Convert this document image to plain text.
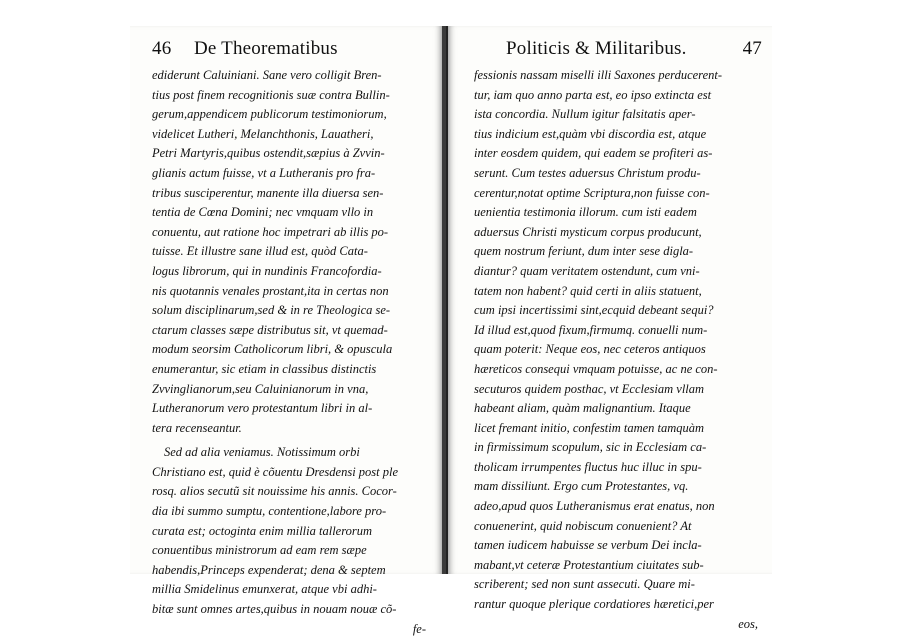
46 De Theorematibus
ediderunt Caluiniani. Sane vero colligit Bren-
tius post finem recognitionis suæ contra Bullin-
gerum,appendicem publicorum testimoniorum,
videlicet Lutheri, Melanchthonis, Lauatheri,
Petri Martyris,quibus ostendit,sæpius à Zvvin-
glianis actum fuisse, vt a Lutheranis pro fra-
tribus susciperentur, manente illa diuersa sen-
tentia de Cœna Domini; nec vmquam vllo in
conuentu, aut ratione hoc impetrari ab illis po-
tuisse. Et illustre sane illud est, quòd Cata-
logus librorum, qui in nundinis Francofordia-
nis quotannis venales prostant,ita in certas non
solum disciplinarum,sed & in re Theologica se-
ctarum classes sæpe distributus sit, vt quemad-
modum seorsim Catholicorum libri, & opuscula
enumerantur, sic etiam in classibus distinctis
Zvvinglianorum,seu Caluinianorum in vna,
Lutheranorum vero protestantum libri in al-
tera recenseantur.
Sed ad alia veniamus. Notissimum orbi
Christiano est, quid è cõuentu Dresdensi post ple
rosq. alios secutũ sit nouissime his annis. Cocor-
dia ibi summo sumptu, contentione,labore pro-
curata est; octoginta enim millia tallerorum
conuentibus ministrorum ad eam rem sæpe
habendis,Princeps expenderat; dena & septem
millia Smidelinus emunxerat, atque vbi adhi-
bitæ sunt omnes artes,quibus in nouam nouæ cõ-
fe-
Politicis & Militaribus.	47
fessionis nassam miselli illi Saxones perducerent-
tur, iam quo anno parta est, eo ipso extincta est
ista concordia. Nullum igitur falsitatis aper-
tius indicium est,quàm vbi discordia est, atque
inter eosdem quidem, qui eadem se profiteri as-
serunt. Cum testes aduersus Christum produ-
cerentur,notat optime Scriptura,non fuisse con-
uenientia testimonia illorum. cum isti eadem
aduersus Christi mysticum corpus producunt,
quem nostrum feriunt, dum inter sese digla-
diantur? quam veritatem ostendunt, cum vni-
tatem non habent? quid certi in aliis statuent,
cum ipsi incertissimi sint,ecquid debeant sequi?
Id illud est,quod fixum,firmumq. conuelli num-
quam poterit: Neque eos, nec ceteros antiquos
hæreticos consequi vmquam potuisse, ac ne con-
secuturos quidem posthac, vt Ecclesiam vllam
habeant aliam, quàm malignantium. Itaque
licet fremant initio, confestim tamen tamquàm
in firmissimum scopulum, sic in Ecclesiam ca-
tholicam irrumpentes fluctus huc illuc in spu-
mam dissiliunt. Ergo cum Protestantes, vq.
adeo,apud quos Lutheranismus erat enatus, non
conuenerint, quid nobiscum conuenient? At
tamen iudicem habuisse se verbum Dei incla-
mabant,vt ceteræ Protestantium ciuitates sub-
scriberent; sed non sunt assecuti. Quare mi-
rantur quoque plerique cordatiores hæretici,per
eos,
